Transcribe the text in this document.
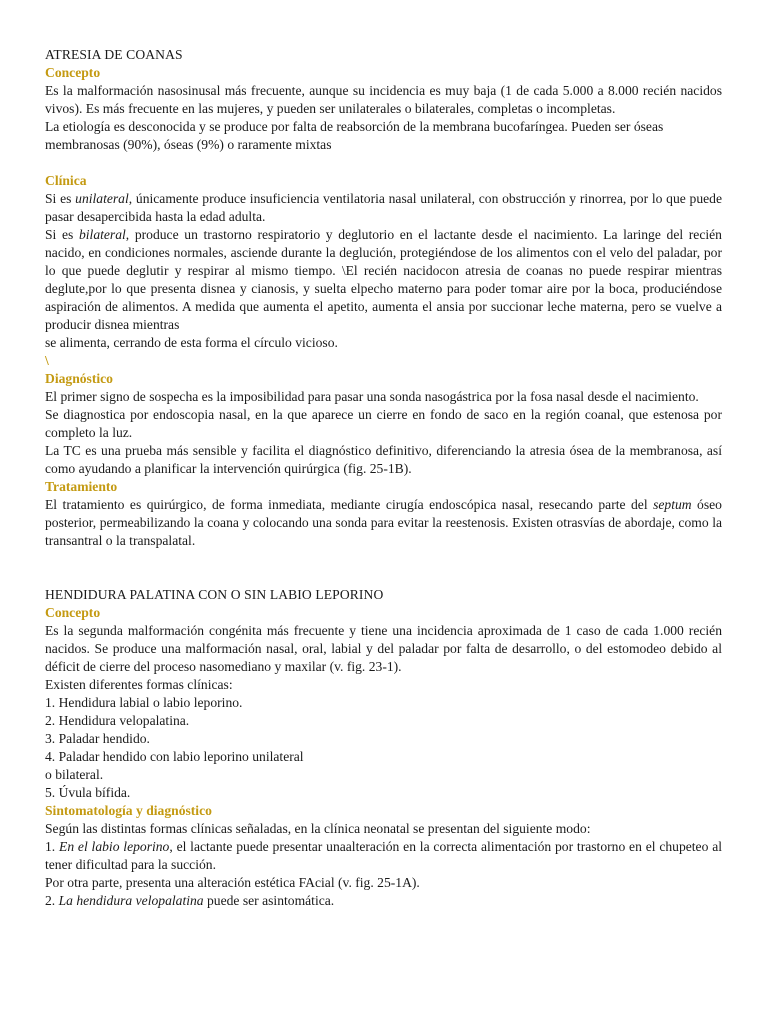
ATRESIA DE COANAS
Concepto
Es la malformación nasosinusal más frecuente, aunque su incidencia es muy baja (1 de cada 5.000 a 8.000 recién nacidos vivos). Es más frecuente en las mujeres, y pueden ser unilaterales o bilaterales, completas o incompletas.
La etiología es desconocida y se produce por falta de reabsorción de la membrana bucofaríngea. Pueden ser óseas membranosas (90%), óseas (9%) o raramente mixtas
Clínica
Si es unilateral, únicamente produce insuficiencia ventilatoria nasal unilateral, con obstrucción y rinorrea, por lo que puede pasar desapercibida hasta la edad adulta.
Si es bilateral, produce un trastorno respiratorio y deglutorio en el lactante desde el nacimiento. La laringe del recién nacido, en condiciones normales, asciende durante la deglución, protegiéndose de los alimentos con el velo del paladar, por lo que puede deglutir y respirar al mismo tiempo. \El recién nacidocon atresia de coanas no puede respirar mientras deglute,por lo que presenta disnea y cianosis, y suelta elpecho materno para poder tomar aire por la boca, produciéndose aspiración de alimentos. A medida que aumenta el apetito, aumenta el ansia por succionar leche materna, pero se vuelve a producir disnea mientras
se alimenta, cerrando de esta forma el círculo vicioso.
\
Diagnóstico
El primer signo de sospecha es la imposibilidad para pasar una sonda nasogástrica por la fosa nasal desde el nacimiento.
Se diagnostica por endoscopia nasal, en la que aparece un cierre en fondo de saco en la región coanal, que estenosa por completo la luz.
La TC es una prueba más sensible y facilita el diagnóstico definitivo, diferenciando la atresia ósea de la membranosa, así como ayudando a planificar la intervención quirúrgica (fig. 25-1B).
Tratamiento
El tratamiento es quirúrgico, de forma inmediata, mediante cirugía endoscópica nasal, resecando parte del septum óseo posterior, permeabilizando la coana y colocando una sonda para evitar la reestenosis. Existen otrasvías de abordaje, como la transantral o la transpalatal.
HENDIDURA PALATINA CON O SIN LABIO LEPORINO
Concepto
Es la segunda malformación congénita más frecuente y tiene una incidencia aproximada de 1 caso de cada 1.000 recién nacidos. Se produce una malformación nasal, oral, labial y del paladar por falta de desarrollo, o del estomodeo debido al déficit de cierre del proceso nasomediano y maxilar (v. fig. 23-1).
Existen diferentes formas clínicas:
1. Hendidura labial o labio leporino.
2. Hendidura velopalatina.
3. Paladar hendido.
4. Paladar hendido con labio leporino unilateral
o bilateral.
5. Úvula bífida.
Sintomatología y diagnóstico
Según las distintas formas clínicas señaladas, en la clínica neonatal se presentan del siguiente modo:
1. En el labio leporino, el lactante puede presentar unaalteración en la correcta alimentación por trastorno en el chupeteo al tener dificultad para la succión.
Por otra parte, presenta una alteración estética FAcial (v. fig. 25-1A).
2. La hendidura velopalatina puede ser asintomática.
